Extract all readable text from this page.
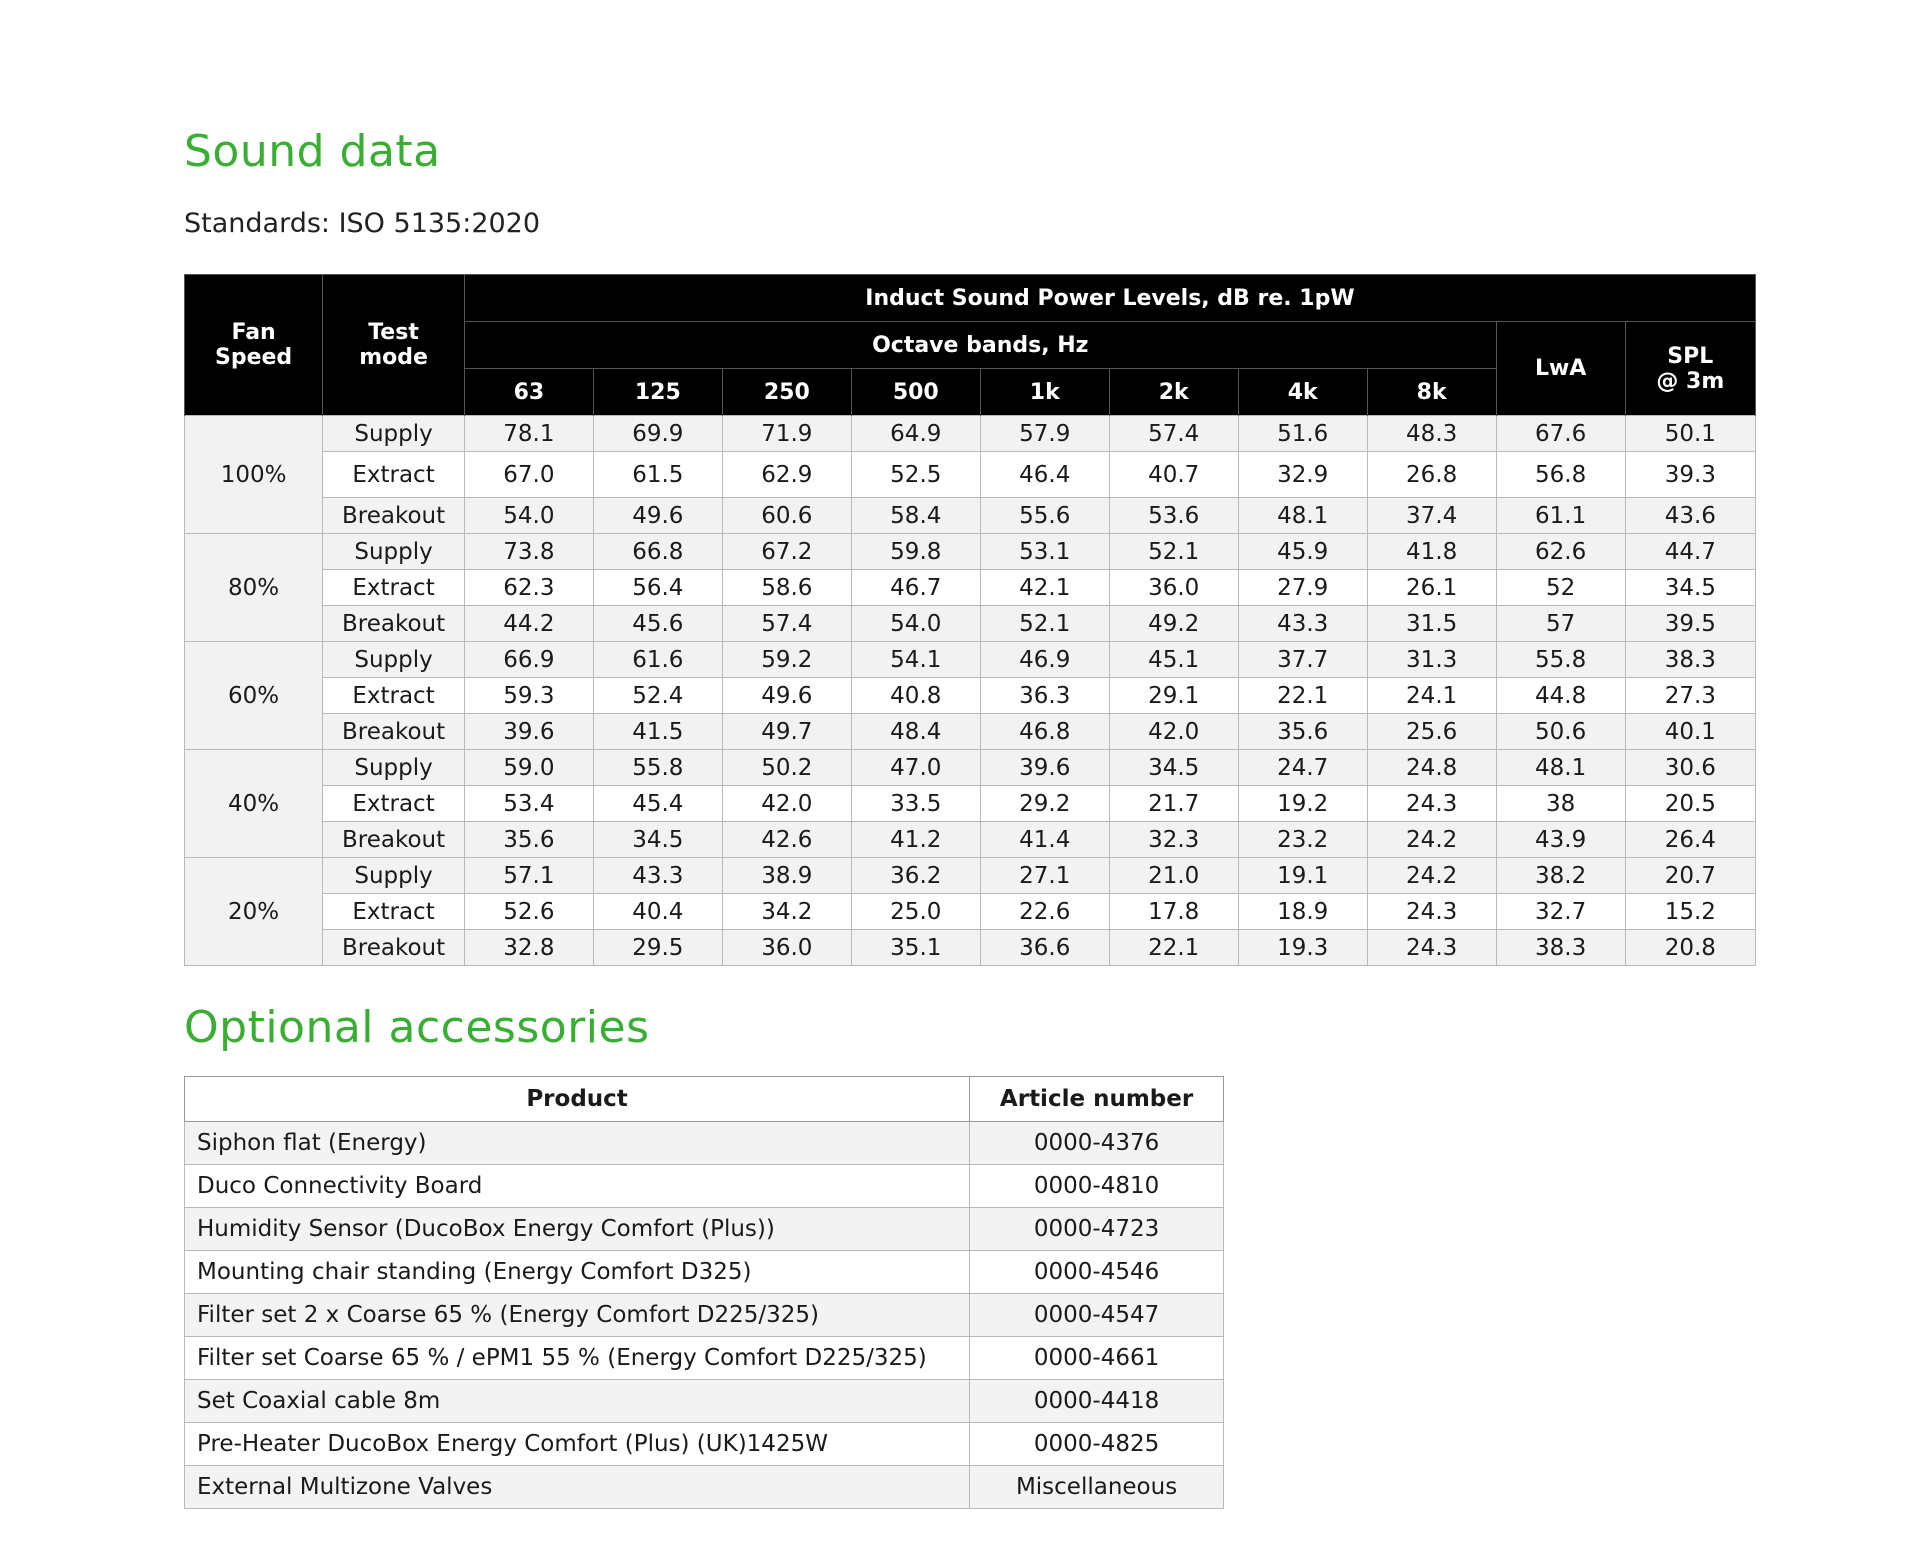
Sound data
Standards: ISO 5135:2020
Fan Speed	Test mode	Induct Sound Power Levels, dB re. 1pW									
		Octave bands, Hz								LwA	SPL @ 3m
		63	125	250	500	1k	2k	4k	8k		
100%	Supply	78.1	69.9	71.9	64.9	57.9	57.4	51.6	48.3	67.6	50.1
	Extract	67.0	61.5	62.9	52.5	46.4	40.7	32.9	26.8	56.8	39.3
	Breakout	54.0	49.6	60.6	58.4	55.6	53.6	48.1	37.4	61.1	43.6
80%	Supply	73.8	66.8	67.2	59.8	53.1	52.1	45.9	41.8	62.6	44.7
	Extract	62.3	56.4	58.6	46.7	42.1	36.0	27.9	26.1	52	34.5
	Breakout	44.2	45.6	57.4	54.0	52.1	49.2	43.3	31.5	57	39.5
60%	Supply	66.9	61.6	59.2	54.1	46.9	45.1	37.7	31.3	55.8	38.3
	Extract	59.3	52.4	49.6	40.8	36.3	29.1	22.1	24.1	44.8	27.3
	Breakout	39.6	41.5	49.7	48.4	46.8	42.0	35.6	25.6	50.6	40.1
40%	Supply	59.0	55.8	50.2	47.0	39.6	34.5	24.7	24.8	48.1	30.6
	Extract	53.4	45.4	42.0	33.5	29.2	21.7	19.2	24.3	38	20.5
	Breakout	35.6	34.5	42.6	41.2	41.4	32.3	23.2	24.2	43.9	26.4
20%	Supply	57.1	43.3	38.9	36.2	27.1	21.0	19.1	24.2	38.2	20.7
	Extract	52.6	40.4	34.2	25.0	22.6	17.8	18.9	24.3	32.7	15.2
	Breakout	32.8	29.5	36.0	35.1	36.6	22.1	19.3	24.3	38.3	20.8
Optional accessories
Product	Article number
Siphon flat (Energy)	0000-4376
Duco Connectivity Board	0000-4810
Humidity Sensor (DucoBox Energy Comfort (Plus))	0000-4723
Mounting chair standing (Energy Comfort D325)	0000-4546
Filter set 2 x Coarse 65 % (Energy Comfort D225/325)	0000-4547
Filter set Coarse 65 % / ePM1 55 % (Energy Comfort D225/325)	0000-4661
Set Coaxial cable 8m	0000-4418
Pre-Heater DucoBox Energy Comfort (Plus) (UK)1425W	0000-4825
External Multizone Valves	Miscellaneous
